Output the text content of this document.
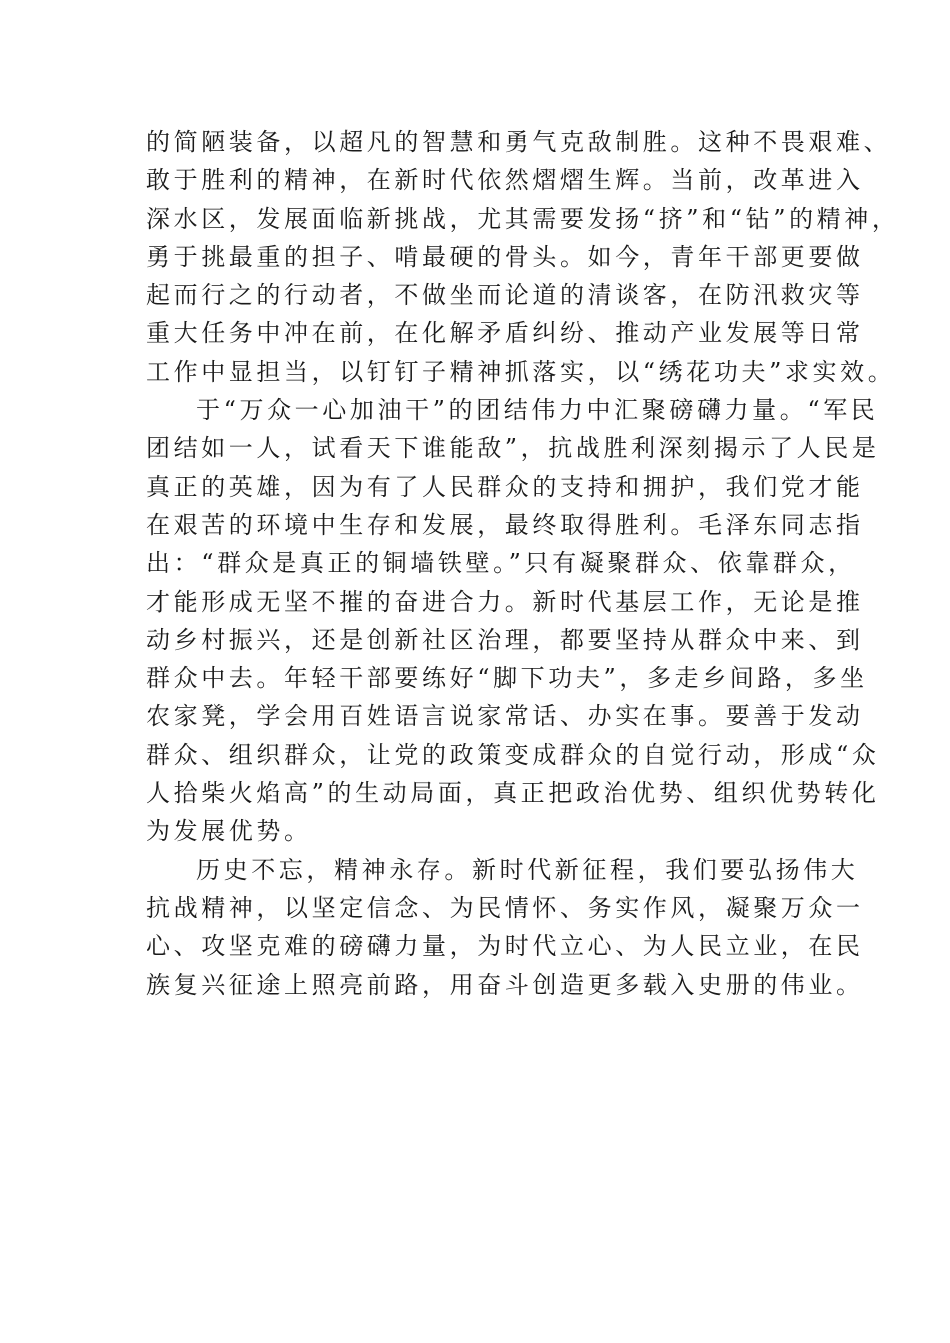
的简陋装备，以超凡的智慧和勇气克敌制胜。这种不畏艰难、
敢于胜利的精神，在新时代依然熠熠生辉。当前，改革进入
深水区，发展面临新挑战，尤其需要发扬“挤”和“钻”的精神，
勇于挑最重的担子、啃最硬的骨头。如今，青年干部更要做
起而行之的行动者，不做坐而论道的清谈客，在防汛救灾等
重大任务中冲在前，在化解矛盾纠纷、推动产业发展等日常
工作中显担当，以钉钉子精神抓落实，以“绣花功夫”求实效。
于“万众一心加油干”的团结伟力中汇聚磅礴力量。“军民
团结如一人，试看天下谁能敌”，抗战胜利深刻揭示了人民是
真正的英雄，因为有了人民群众的支持和拥护，我们党才能
在艰苦的环境中生存和发展，最终取得胜利。毛泽东同志指
出：“群众是真正的铜墙铁壁。”只有凝聚群众、依靠群众，
才能形成无坚不摧的奋进合力。新时代基层工作，无论是推
动乡村振兴，还是创新社区治理，都要坚持从群众中来、到
群众中去。年轻干部要练好“脚下功夫”，多走乡间路，多坐
农家凳，学会用百姓语言说家常话、办实在事。要善于发动
群众、组织群众，让党的政策变成群众的自觉行动，形成“众
人拾柴火焰高”的生动局面，真正把政治优势、组织优势转化
为发展优势。
历史不忘，精神永存。新时代新征程，我们要弘扬伟大
抗战精神，以坚定信念、为民情怀、务实作风，凝聚万众一
心、攻坚克难的磅礴力量，为时代立心、为人民立业，在民
族复兴征途上照亮前路，用奋斗创造更多载入史册的伟业。
